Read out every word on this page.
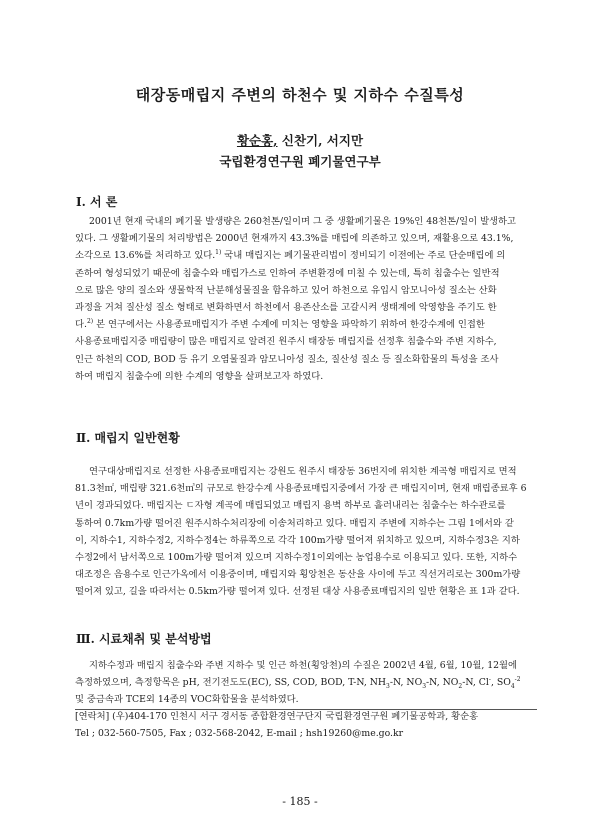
태장동매립지 주변의 하천수 및 지하수 수질특성
황순홍, 신찬기, 서지만
국립환경연구원 폐기물연구부
Ⅰ. 서 론
2001년 현재 국내의 폐기물 발생량은 260천톤/일이며 그 중 생활폐기물은 19%인 48천톤/일이 발생하고
있다. 그 생활폐기물의 처리방법은 2000년 현재까지 43.3%를 매립에 의존하고 있으며, 재활용으로 43.1%,
소각으로 13.6%를 처리하고 있다.$^{1)}$ 국내 매립지는 폐기물관리법이 정비되기 이전에는 주로 단순매립에 의
존하여 형성되었기 때문에 침출수와 매립가스로 인하여 주변환경에 미칠 수 있는데, 특히 침출수는 일반적
으로 많은 양의 질소와 생물학적 난분해성물질을 함유하고 있어 하천으로 유입시 암모니아성 질소는 산화
과정을 거쳐 질산성 질소 형태로 변화하면서 하천에서 용존산소를 고갈시켜 생태계에 악영향을 주기도 한
다.$^{2)}$ 본 연구에서는 사용종료매립지가 주변 수계에 미치는 영향을 파악하기 위하여 한강수계에 인접한
사용종료매립지중 매립량이 많은 매립지로 알려진 원주시 태장동 매립지를 선정후 침출수와 주변 지하수,
인근 하천의 COD, BOD 등 유기 오염물질과 암모니아성 질소, 질산성 질소 등 질소화합물의 특성을 조사
하여 매립지 침출수에 의한 수계의 영향을 살펴보고자 하였다.
Ⅱ. 매립지 일반현황
연구대상매립지로 선정한 사용종료매립지는 강원도 원주시 태장동 36번지에 위치한 계곡형 매립지로 면적
81.3천㎡, 매립량 321.6천㎥의 규모로 한강수계 사용종료매립지중에서 가장 큰 매립지이며, 현재 매립종료후 6
년이 경과되었다. 매립지는 ㄷ자형 계곡에 매립되었고 매립지 용벽 하부로 흘러내리는 침출수는 하수관로를
통하여 0.7km가량 떨어진 원주시하수처리장에 이송처리하고 있다. 매립지 주변에 지하수는 그림 1에서와 같
이, 지하수1, 지하수정2, 지하수정4는 하류쪽으로 각각 100m가량 떨어져 위치하고 있으며, 지하수정3은 지하
수정2에서 남서쪽으로 100m가량 떨어져 있으며 지하수정1이외에는 농업용수로 이용되고 있다. 또한, 지하수
대조정은 음용수로 인근가옥에서 이용중이며, 매립지와 횡앙천은 동산을 사이에 두고 직선거리로는 300m가량
떨어져 있고, 길을 따라서는 0.5km가량 떨어져 있다. 선정된 대상 사용종료매립지의 일반 현황은 표 1과 같다.
Ⅲ. 시료채취 및 분석방법
지하수정과 매립지 침출수와 주변 지하수 및 인근 하천(횡앙천)의 수질은 2002년 4월, 6월, 10월, 12월에
측정하였으며, 측정항목은 pH, 전기전도도(EC), SS, COD, BOD, T-N, $NH_3-N$, $NO_3-N$, $NO_2-N$, Cl-, $SO_4^{-2}$
및 중금속과 TCE외 14종의 VOC화합물을 분석하였다.
[연락처] (우)404-170 인천시 서구 경서동 종합환경연구단지 국립환경연구원 폐기물공학과, 황순홍
Tel ; 032-560-7505, Fax ; 032-568-2042, E-mail ; hsh19260@me.go.kr
- 185 -
